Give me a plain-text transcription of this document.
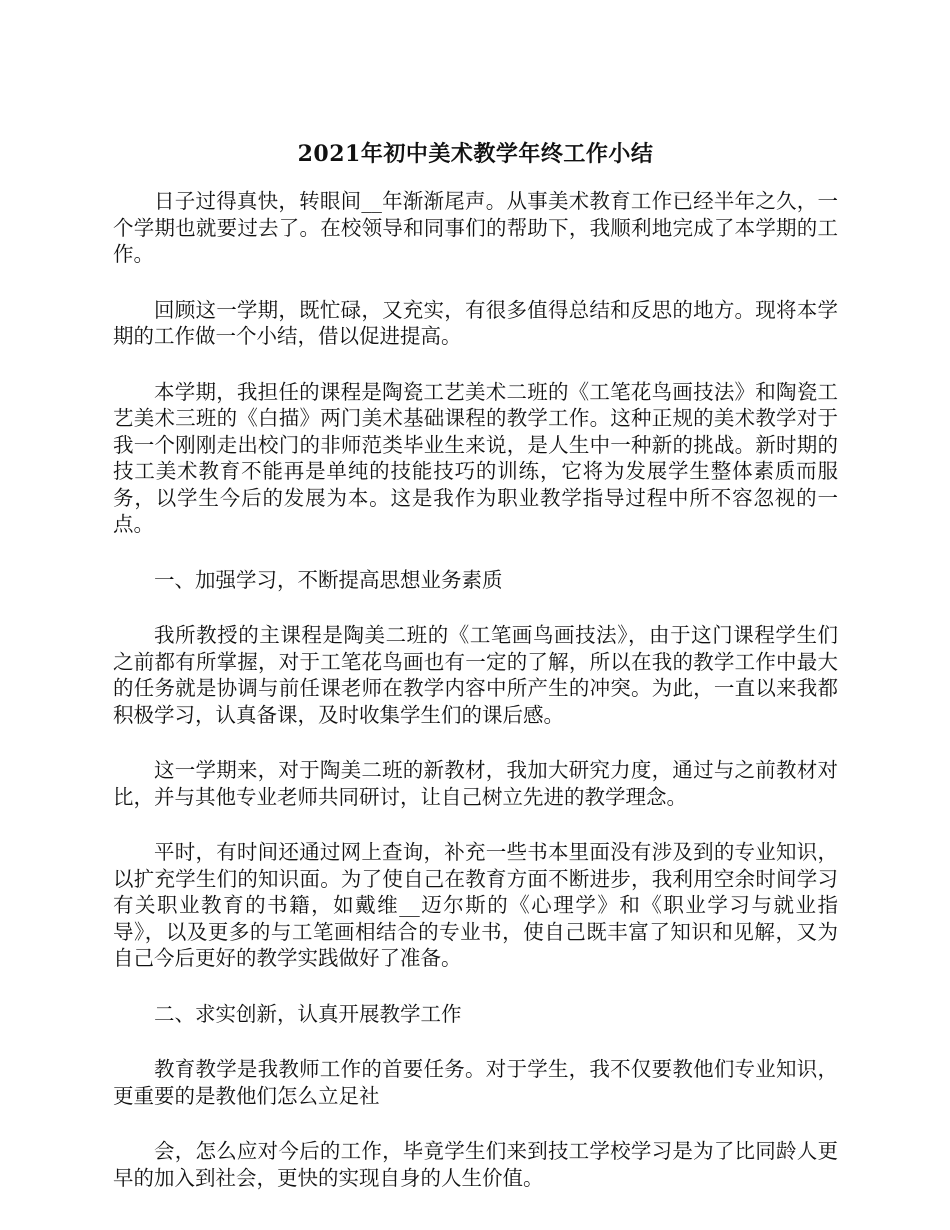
2021年初中美术教学年终工作小结

日子过得真快，转眼间__年渐渐尾声。从事美术教育工作已经半年之久，一个学期也就要过去了。在校领导和同事们的帮助下，我顺利地完成了本学期的工作。

回顾这一学期，既忙碌，又充实，有很多值得总结和反思的地方。现将本学期的工作做一个小结，借以促进提高。

本学期，我担任的课程是陶瓷工艺美术二班的《工笔花鸟画技法》和陶瓷工艺美术三班的《白描》两门美术基础课程的教学工作。这种正规的美术教学对于我一个刚刚走出校门的非师范类毕业生来说，是人生中一种新的挑战。新时期的技工美术教育不能再是单纯的技能技巧的训练，它将为发展学生整体素质而服务，以学生今后的发展为本。这是我作为职业教学指导过程中所不容忽视的一点。

一、加强学习，不断提高思想业务素质

我所教授的主课程是陶美二班的《工笔画鸟画技法》，由于这门课程学生们之前都有所掌握，对于工笔花鸟画也有一定的了解，所以在我的教学工作中最大的任务就是协调与前任课老师在教学内容中所产生的冲突。为此，一直以来我都积极学习，认真备课，及时收集学生们的课后感。

这一学期来，对于陶美二班的新教材，我加大研究力度，通过与之前教材对比，并与其他专业老师共同研讨，让自己树立先进的教学理念。

平时，有时间还通过网上查询，补充一些书本里面没有涉及到的专业知识，以扩充学生们的知识面。为了使自己在教育方面不断进步，我利用空余时间学习有关职业教育的书籍，如戴维__迈尔斯的《心理学》和《职业学习与就业指导》，以及更多的与工笔画相结合的专业书，使自己既丰富了知识和见解，又为自己今后更好的教学实践做好了准备。

二、求实创新，认真开展教学工作

教育教学是我教师工作的首要任务。对于学生，我不仅要教他们专业知识，更重要的是教他们怎么立足社

会，怎么应对今后的工作，毕竟学生们来到技工学校学习是为了比同龄人更早的加入到社会，更快的实现自身的人生价值。
